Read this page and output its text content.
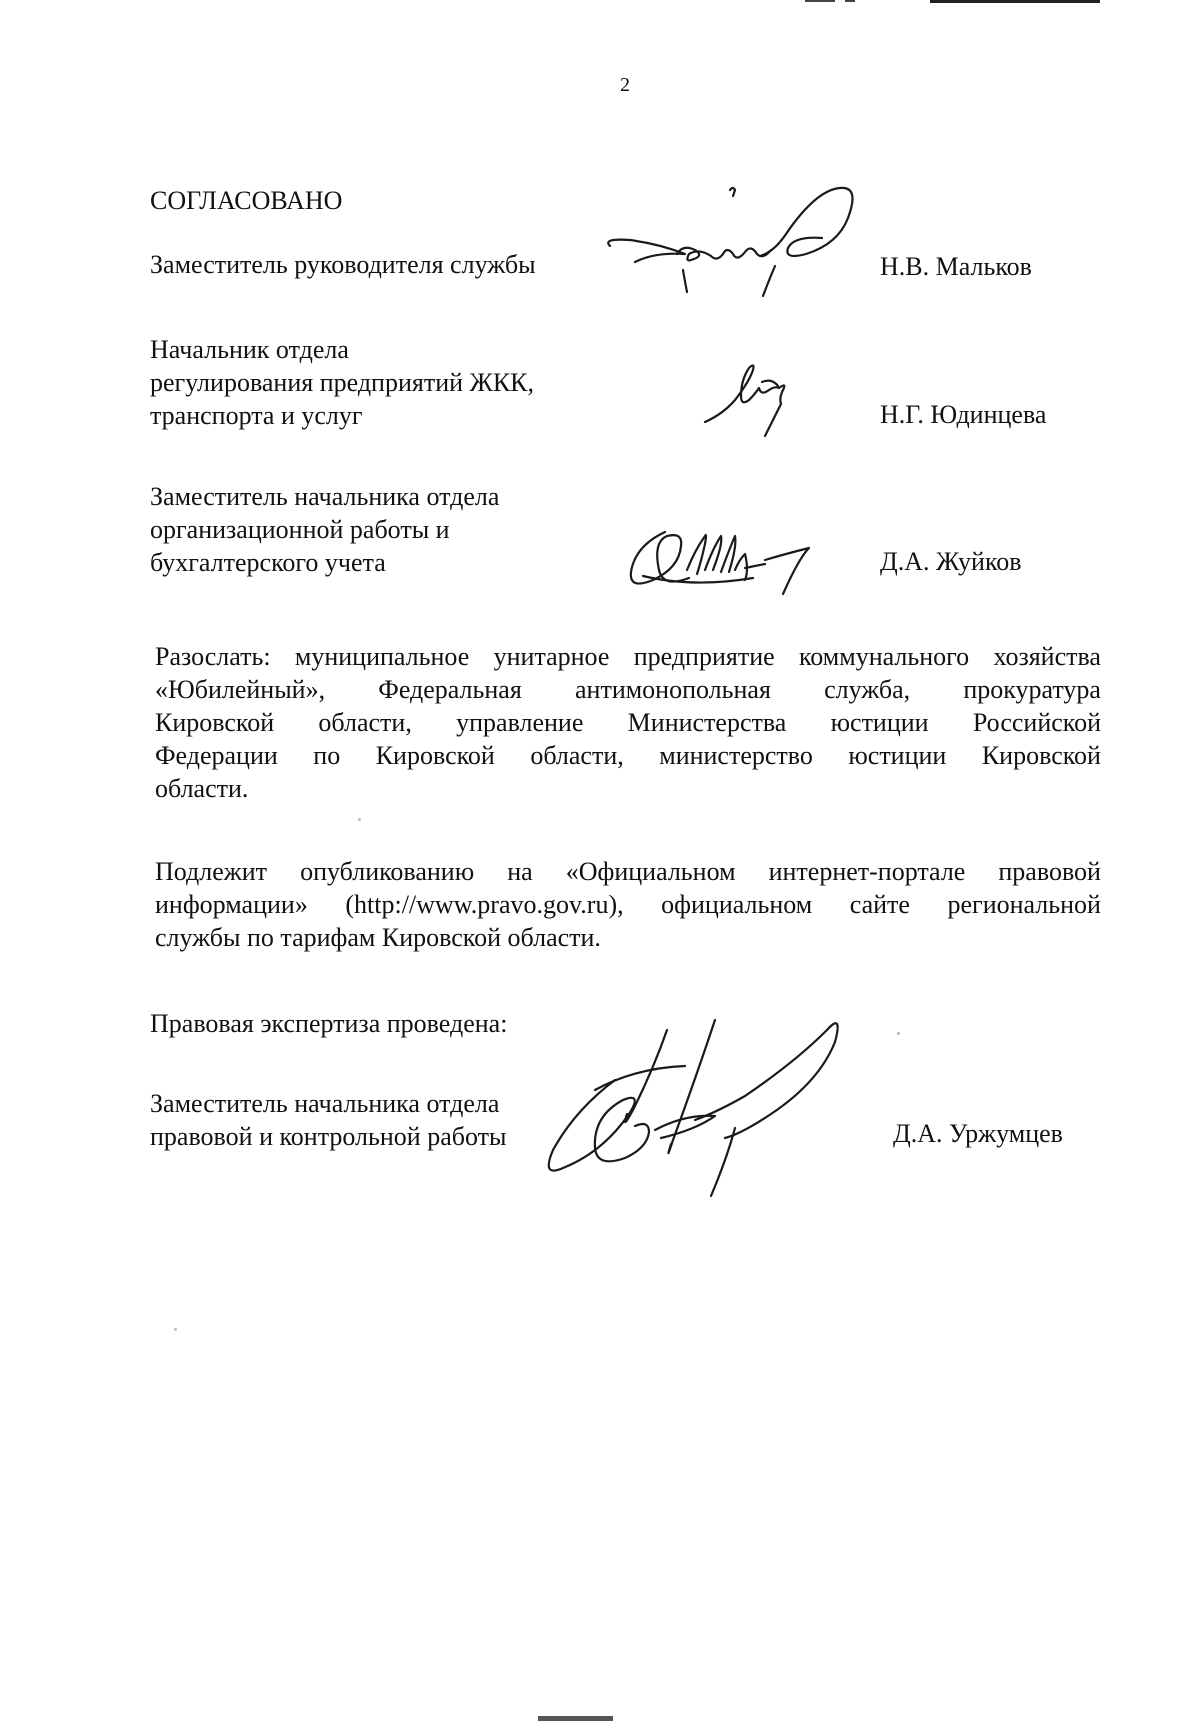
2
СОГЛАСОВАНО
Заместитель руководителя службы	Н.В. Мальков
Начальник отдела
регулирования предприятий ЖКК,
транспорта и услуг	Н.Г. Юдинцева
Заместитель начальника отдела
организационной работы и
бухгалтерского учета	Д.А. Жуйков
Разослать: муниципальное унитарное предприятие коммунального хозяйства
«Юбилейный», Федеральная антимонопольная служба, прокуратура
Кировской области, управление Министерства юстиции Российской
Федерации по Кировской области, министерство юстиции Кировской
области.
Подлежит опубликованию на «Официальном интернет-портале правовой
информации» (http://www.pravo.gov.ru), официальном сайте региональной
службы по тарифам Кировской области.
Правовая экспертиза проведена:
Заместитель начальника отдела
правовой и контрольной работы	Д.А. Уржумцев
